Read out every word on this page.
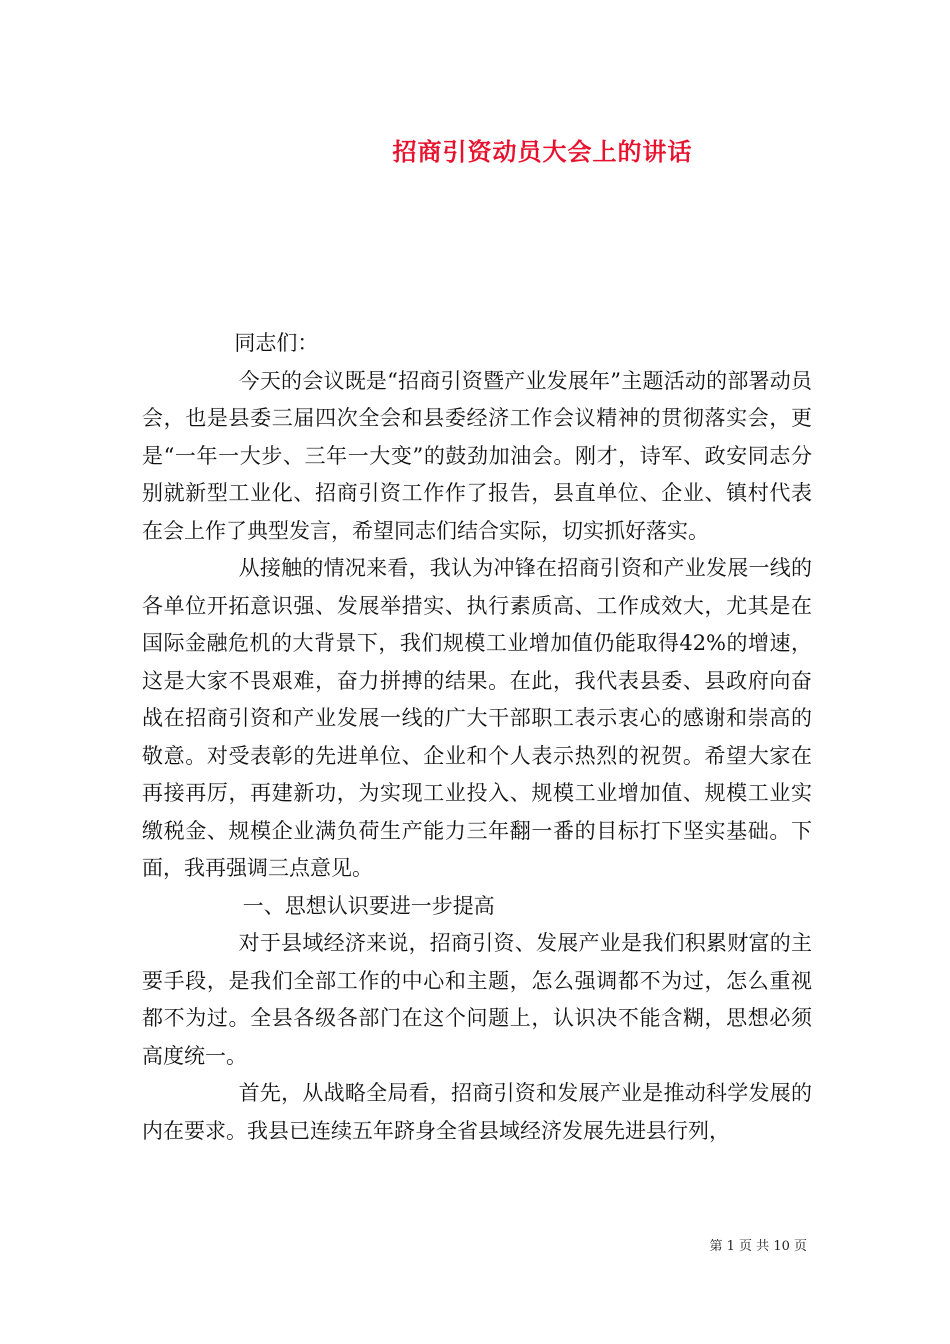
招商引资动员大会上的讲话

同志们：

今天的会议既是“招商引资暨产业发展年”主题活动的部署动员会，也是县委三届四次全会和县委经济工作会议精神的贯彻落实会，更是“一年一大步、三年一大变”的鼓劲加油会。刚才，诗军、政安同志分别就新型工业化、招商引资工作作了报告，县直单位、企业、镇村代表在会上作了典型发言，希望同志们结合实际，切实抓好落实。

从接触的情况来看，我认为冲锋在招商引资和产业发展一线的各单位开拓意识强、发展举措实、执行素质高、工作成效大，尤其是在国际金融危机的大背景下，我们规模工业增加值仍能取得42%的增速，这是大家不畏艰难，奋力拼搏的结果。在此，我代表县委、县政府向奋战在招商引资和产业发展一线的广大干部职工表示衷心的感谢和崇高的敬意。对受表彰的先进单位、企业和个人表示热烈的祝贺。希望大家在再接再厉，再建新功，为实现工业投入、规模工业增加值、规模工业实缴税金、规模企业满负荷生产能力三年翻一番的目标打下坚实基础。下面，我再强调三点意见。

一、思想认识要进一步提高

对于县域经济来说，招商引资、发展产业是我们积累财富的主要手段，是我们全部工作的中心和主题，怎么强调都不为过，怎么重视都不为过。全县各级各部门在这个问题上，认识决不能含糊，思想必须高度统一。

首先，从战略全局看，招商引资和发展产业是推动科学发展的内在要求。我县已连续五年跻身全省县域经济发展先进县行列，

第 1 页 共 10 页
